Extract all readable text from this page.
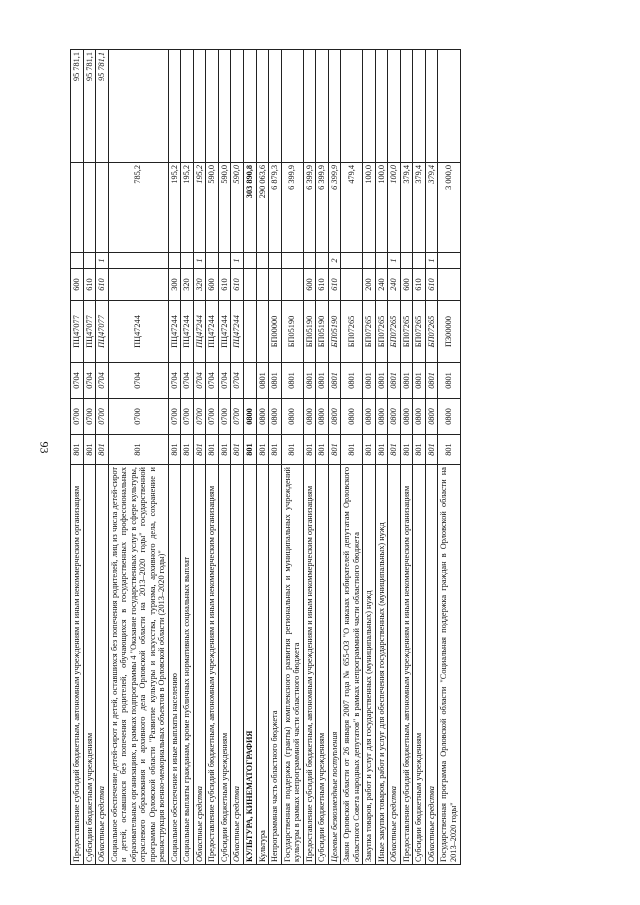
93
Предоставление субсидий бюджетным, автономным учреждениям и иным некоммерческим организациям	801	0700	0704	ПЦ47077	600			95 781,1
Субсидии бюджетным учреждениям	801	0700	0704	ПЦ47077	610			95 781,1
Областные средства	801	0700	0704	ПЦ47077	610	1		95 781,1
Социальное обеспечение детей-сирот и детей, оставшихся без попечения родителей, лиц из числа детей-сирот и детей, оставшихся без попечения родителей, обучающихся в государственных профессиональных образовательных организациях, в рамках подпрограммы 4 "Оказание государственных услуг в сфере культуры, отраслевого образования и архивного дела Орловской области на 2013–2020 годы" государственной программы Орловской области "Развитие культуры и искусства, туризма, архивного дела, сохранение и реконструкция военно-мемориальных объектов в Орловской области (2013–2020 годы)"	801	0700	0704	ПЦ47244			785,2	
Социальное обеспечение и иные выплаты населению	801	0700	0704	ПЦ47244	300		195,2	
Социальные выплаты гражданам, кроме публичных нормативных социальных выплат	801	0700	0704	ПЦ47244	320		195,2	
Областные средства	801	0700	0704	ПЦ47244	320	1	195,2	
Предоставление субсидий бюджетным, автономным учреждениям и иным некоммерческим организациям	801	0700	0704	ПЦ47244	600		590,0	
Субсидии бюджетным учреждениям	801	0700	0704	ПЦ47244	610		590,0	
Областные средства	801	0700	0704	ПЦ47244	610	1	590,0	
КУЛЬТУРА, КИНЕМАТОГРАФИЯ	801	0800					303 890,8	
Культура	801	0800	0801				290 063,6	
Непрограммная часть областного бюджета	801	0800	0801	БП00000			6 879,3	
Государственная поддержка (гранты) комплексного развития региональных и муниципальных учреждений культуры в рамках непрограммной части областного бюджета	801	0800	0801	БП05190			6 399,9	
Предоставление субсидий бюджетным, автономным учреждениям и иным некоммерческим организациям	801	0800	0801	БП05190	600		6 399,9	
Субсидии бюджетным учреждениям	801	0800	0801	БП05190	610		6 399,9	
Целевые безвозмездные поступления	801	0800	0801	БП05190	610	2	6 399,9	
Закон Орловской области от 26 января 2007 года № 655-ОЗ "О наказах избирателей депутатам Орловского областного Совета народных депутатов" в рамках непрограммной части областного бюджета	801	0800	0801	БП07265			479,4	
Закупка товаров, работ и услуг для государственных (муниципальных) нужд	801	0800	0801	БП07265	200		100,0	
Иные закупки товаров, работ и услуг для обеспечения государственных (муниципальных) нужд	801	0800	0801	БП07265	240		100,0	
Областные средства	801	0800	0801	БП07265	240	1	100,0	
Предоставление субсидий бюджетным, автономным учреждениям и иным некоммерческим организациям	801	0800	0801	БП07265	600		379,4	
Субсидии бюджетным учреждениям	801	0800	0801	БП07265	610		379,4	
Областные средства	801	0800	0801	БП07265	610	1	379,4	
Государственная программа Орловской области "Социальная поддержка граждан в Орловской области на 2013–2020 годы"	801	0800	0801	П300000			3 000,0	
